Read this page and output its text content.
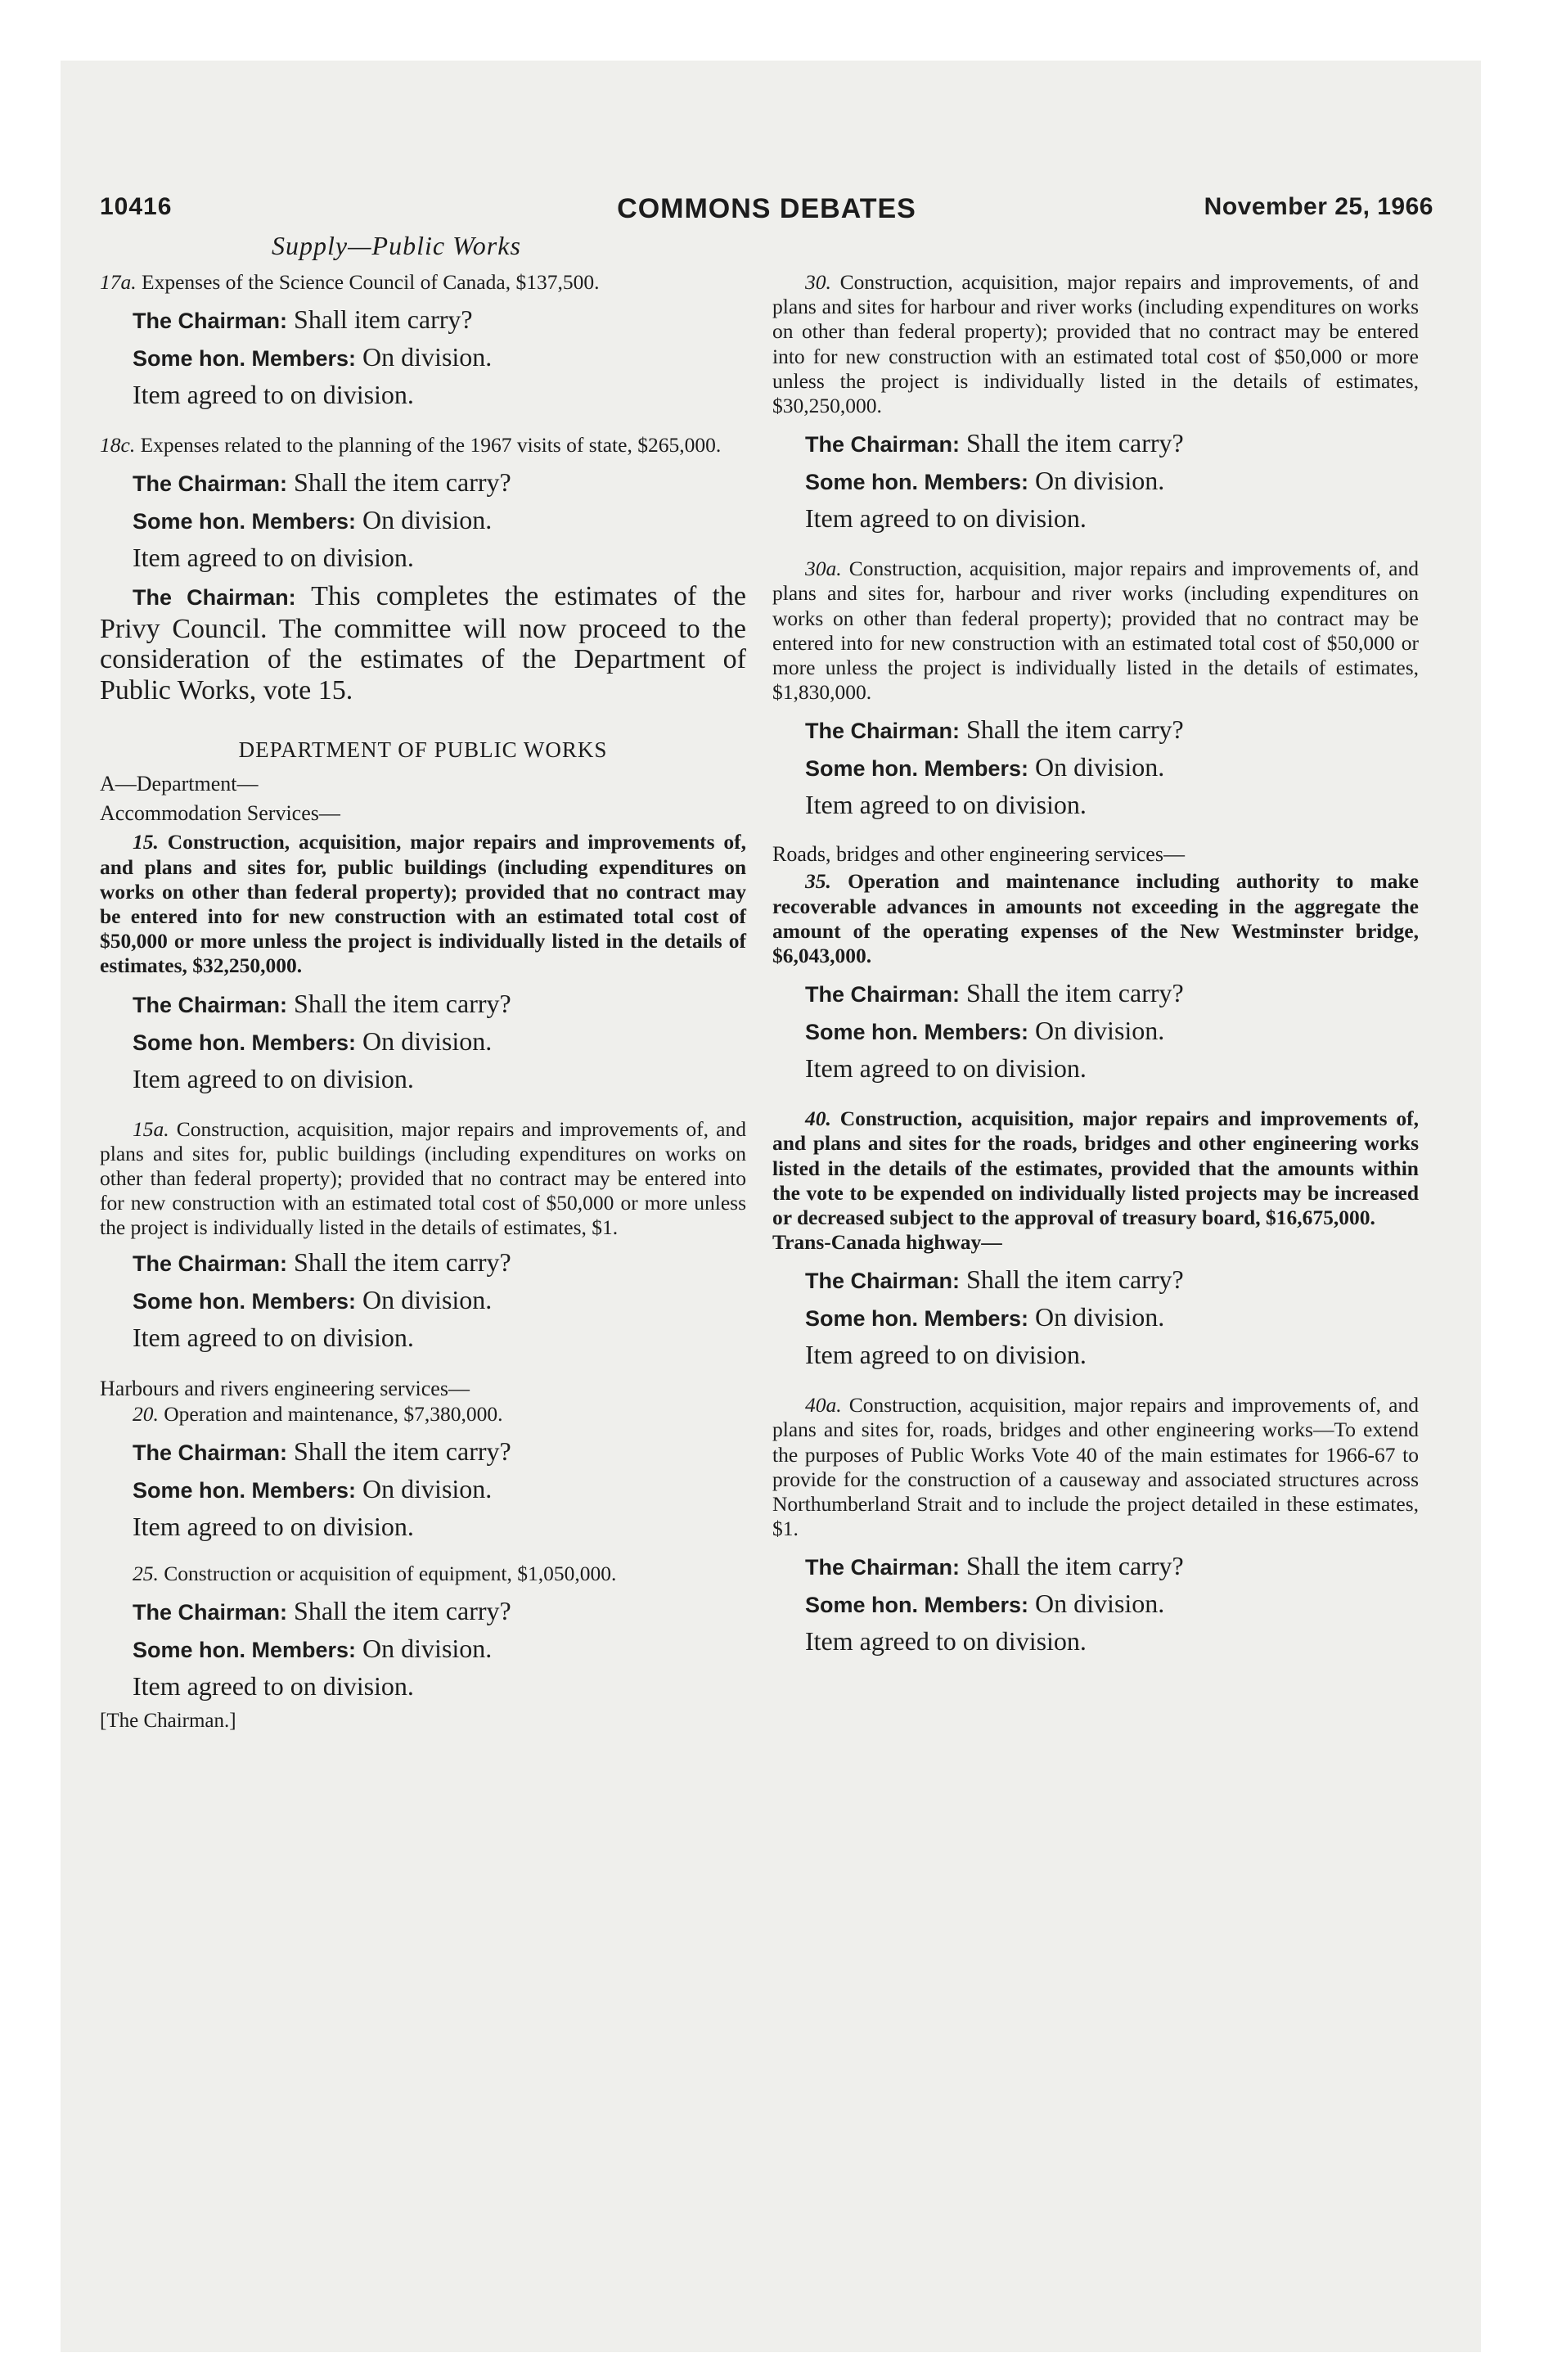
10416	COMMONS DEBATES	November 25, 1966
Supply—Public Works

17a. Expenses of the Science Council of Canada, $137,500.

The Chairman: Shall item carry?

Some hon. Members: On division.

Item agreed to on division.

18c. Expenses related to the planning of the 1967 visits of state, $265,000.

The Chairman: Shall the item carry?

Some hon. Members: On division.

Item agreed to on division.

The Chairman: This completes the estimates of the Privy Council. The committee will now proceed to the consideration of the estimates of the Department of Public Works, vote 15.

DEPARTMENT OF PUBLIC WORKS

A—Department—

Accommodation Services—

15. Construction, acquisition, major repairs and improvements of, and plans and sites for, public buildings (including expenditures on works on other than federal property); provided that no contract may be entered into for new construction with an estimated total cost of $50,000 or more unless the project is individually listed in the details of estimates, $32,250,000.

The Chairman: Shall the item carry?

Some hon. Members: On division.

Item agreed to on division.

15a. Construction, acquisition, major repairs and improvements of, and plans and sites for, public buildings (including expenditures on works on other than federal property); provided that no contract may be entered into for new construction with an estimated total cost of $50,000 or more unless the project is individually listed in the details of estimates, $1.

The Chairman: Shall the item carry?

Some hon. Members: On division.

Item agreed to on division.

Harbours and rivers engineering services—

20. Operation and maintenance, $7,380,000.

The Chairman: Shall the item carry?

Some hon. Members: On division.

Item agreed to on division.

25. Construction or acquisition of equipment, $1,050,000.

The Chairman: Shall the item carry?

Some hon. Members: On division.

Item agreed to on division.

[The Chairman.]

30. Construction, acquisition, major repairs and improvements, of and plans and sites for harbour and river works (including expenditures on works on other than federal property); provided that no contract may be entered into for new construction with an estimated total cost of $50,000 or more unless the project is individually listed in the details of estimates, $30,250,000.

The Chairman: Shall the item carry?

Some hon. Members: On division.

Item agreed to on division.

30a. Construction, acquisition, major repairs and improvements of, and plans and sites for, harbour and river works (including expenditures on works on other than federal property); provided that no contract may be entered into for new construction with an estimated total cost of $50,000 or more unless the project is individually listed in the details of estimates, $1,830,000.

The Chairman: Shall the item carry?

Some hon. Members: On division.

Item agreed to on division.

Roads, bridges and other engineering services—

35. Operation and maintenance including authority to make recoverable advances in amounts not exceeding in the aggregate the amount of the operating expenses of the New Westminster bridge, $6,043,000.

The Chairman: Shall the item carry?

Some hon. Members: On division.

Item agreed to on division.

40. Construction, acquisition, major repairs and improvements of, and plans and sites for the roads, bridges and other engineering works listed in the details of the estimates, provided that the amounts within the vote to be expended on individually listed projects may be increased or decreased subject to the approval of treasury board, $16,675,000.

Trans-Canada highway—

The Chairman: Shall the item carry?

Some hon. Members: On division.

Item agreed to on division.

40a. Construction, acquisition, major repairs and improvements of, and plans and sites for, roads, bridges and other engineering works—To extend the purposes of Public Works Vote 40 of the main estimates for 1966-67 to provide for the construction of a causeway and associated structures across Northumberland Strait and to include the project detailed in these estimates, $1.

The Chairman: Shall the item carry?

Some hon. Members: On division.

Item agreed to on division.
